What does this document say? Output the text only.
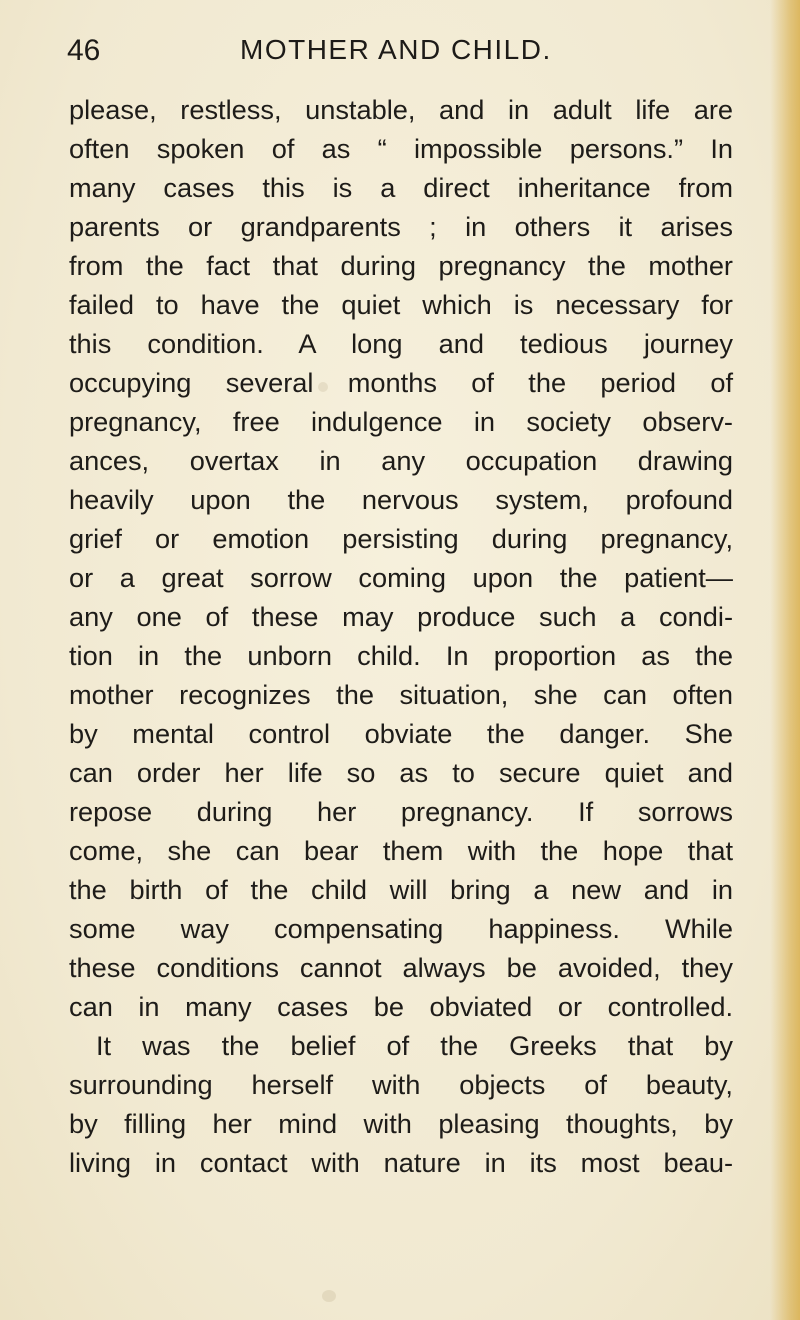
46	MOTHER AND CHILD.
please, restless, unstable, and in adult life are
often spoken of as “ impossible persons.” In
many cases this is a direct inheritance from
parents or grandparents ; in others it arises
from the fact that during pregnancy the mother
failed to have the quiet which is necessary for
this condition. A long and tedious journey
occupying several months of the period of
pregnancy, free indulgence in society observ-
ances, overtax in any occupation drawing
heavily upon the nervous system, profound
grief or emotion persisting during pregnancy,
or a great sorrow coming upon the patient—
any one of these may produce such a condi-
tion in the unborn child. In proportion as the
mother recognizes the situation, she can often
by mental control obviate the danger. She
can order her life so as to secure quiet and
repose during her pregnancy. If sorrows
come, she can bear them with the hope that
the birth of the child will bring a new and in
some way compensating happiness. While
these conditions cannot always be avoided, they
can in many cases be obviated or controlled.
It was the belief of the Greeks that by
surrounding herself with objects of beauty,
by filling her mind with pleasing thoughts, by
living in contact with nature in its most beau-
